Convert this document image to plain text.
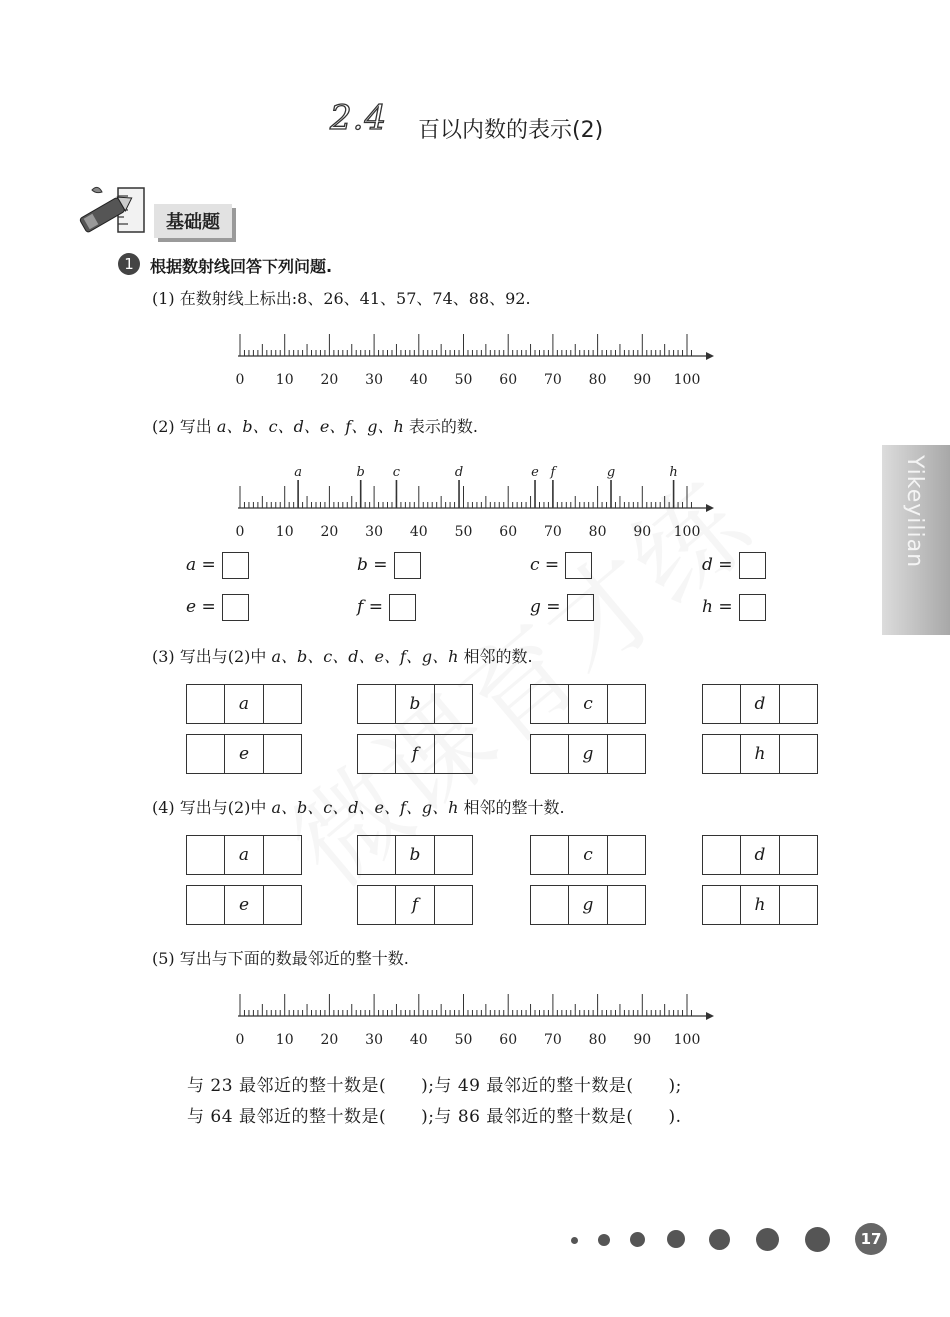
2.4 百以内数的表示(2)
基础题
1	根据数射线回答下列问题.
(1) 在数射线上标出:8、26、41、57、74、88、92.
0 10 20 30 40 50 60 70 80 90 100
(2) 写出 a、b、c、d、e、f、g、h 表示的数.
0 10 20 30 40 50 60 70 80 90 100
a	b c	d	e f	g	h
a =	b =	c =	d =
e =	f =	g =	h =
(3) 写出与(2)中 a、b、c、d、e、f、g、h 相邻的数.
a	b	c	d
e	f	g	h
(4) 写出与(2)中 a、b、c、d、e、f、g、h 相邻的整十数.
a	b	c	d
e	f	g	h
(5) 写出与下面的数最邻近的整十数.
0 10 20 30 40 50 60 70 80 90 100
与 23 最邻近的整十数是(　　);与 49 最邻近的整十数是(　　);
与 64 最邻近的整十数是(　　);与 86 最邻近的整十数是(　　).
Yikeyilian
17
